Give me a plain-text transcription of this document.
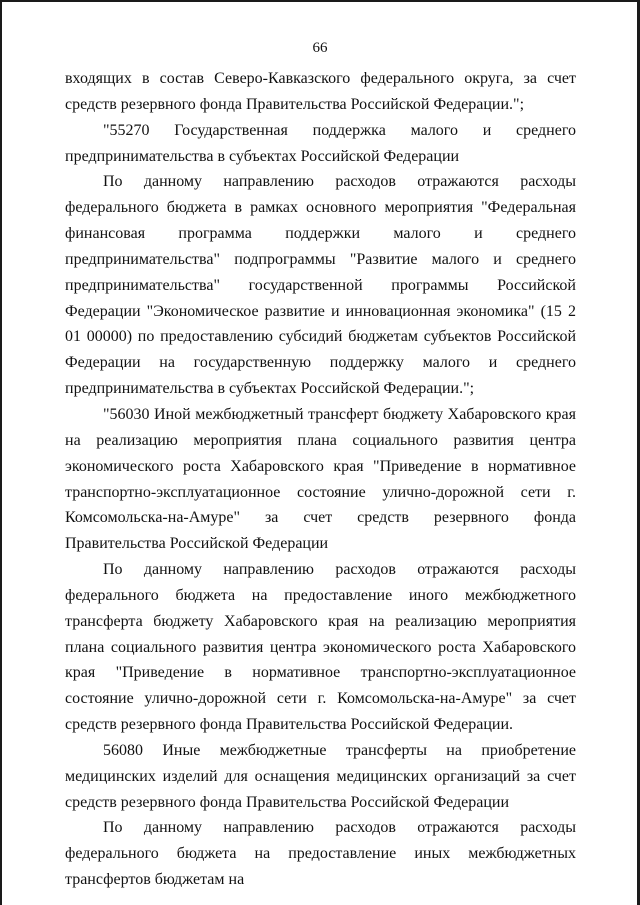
66

входящих в состав Северо-Кавказского федерального округа, за счет средств резервного фонда Правительства Российской Федерации.";

"55270 Государственная поддержка малого и среднего предпринимательства в субъектах Российской Федерации

По данному направлению расходов отражаются расходы федерального бюджета в рамках основного мероприятия "Федеральная финансовая программа поддержки малого и среднего предпринимательства" подпрограммы "Развитие малого и среднего предпринимательства" государственной программы Российской Федерации "Экономическое развитие и инновационная экономика" (15 2 01 00000) по предоставлению субсидий бюджетам субъектов Российской Федерации на государственную поддержку малого и среднего предпринимательства в субъектах Российской Федерации.";

"56030 Иной межбюджетный трансферт бюджету Хабаровского края на реализацию мероприятия плана социального развития центра экономического роста Хабаровского края "Приведение в нормативное транспортно-эксплуатационное состояние улично-дорожной сети г. Комсомольска-на-Амуре" за счет средств резервного фонда Правительства Российской Федерации

По данному направлению расходов отражаются расходы федерального бюджета на предоставление иного межбюджетного трансферта бюджету Хабаровского края на реализацию мероприятия плана социального развития центра экономического роста Хабаровского края "Приведение в нормативное транспортно-эксплуатационное состояние улично-дорожной сети г. Комсомольска-на-Амуре" за счет средств резервного фонда Правительства Российской Федерации.

56080 Иные межбюджетные трансферты на приобретение медицинских изделий для оснащения медицинских организаций за счет средств резервного фонда Правительства Российской Федерации

По данному направлению расходов отражаются расходы федерального бюджета на предоставление иных межбюджетных трансфертов бюджетам на
